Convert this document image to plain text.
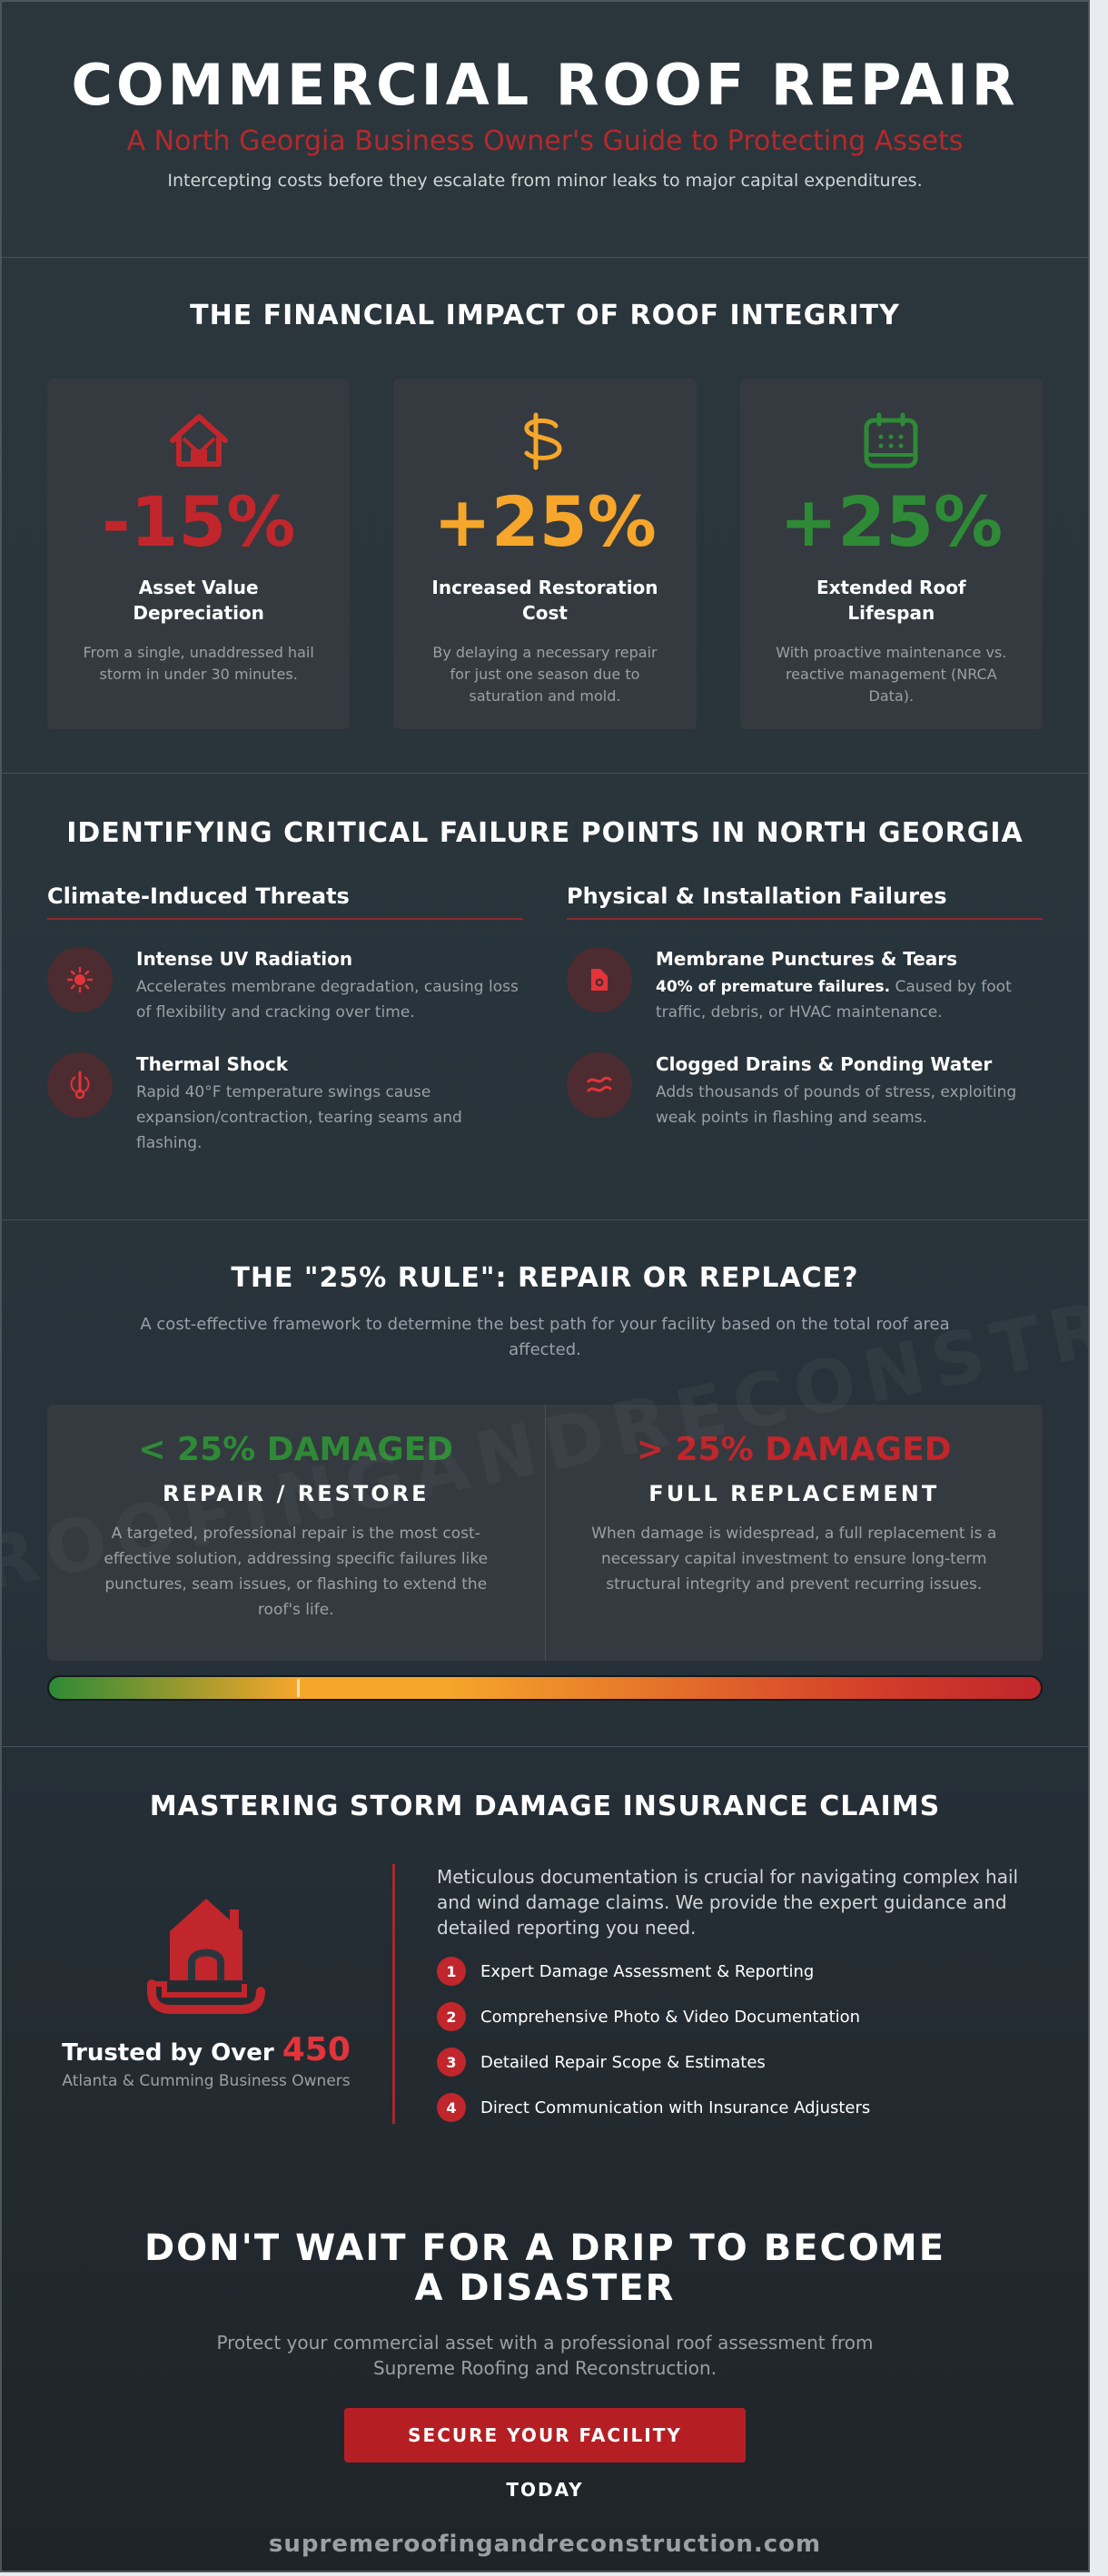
COMMERCIAL ROOF REPAIR
A North Georgia Business Owner's Guide to Protecting Assets
Intercepting costs before they escalate from minor leaks to major capital expenditures.
THE FINANCIAL IMPACT OF ROOF INTEGRITY
-15%
Asset Value Depreciation
From a single, unaddressed hail storm in under 30 minutes.
+25%
Increased Restoration Cost
By delaying a necessary repair for just one season due to saturation and mold.
+25%
Extended Roof Lifespan
With proactive maintenance vs. reactive management (NRCA Data).
IDENTIFYING CRITICAL FAILURE POINTS IN NORTH GEORGIA
Climate-Induced Threats
Intense UV Radiation
Accelerates membrane degradation, causing loss of flexibility and cracking over time.
Thermal Shock
Rapid 40°F temperature swings cause expansion/contraction, tearing seams and flashing.
Physical & Installation Failures
Membrane Punctures & Tears
40% of premature failures. Caused by foot traffic, debris, or HVAC maintenance.
Clogged Drains & Ponding Water
Adds thousands of pounds of stress, exploiting weak points in flashing and seams.
THE "25% RULE": REPAIR OR REPLACE?
A cost-effective framework to determine the best path for your facility based on the total roof area affected.
< 25% DAMAGED
REPAIR / RESTORE
A targeted, professional repair is the most cost-effective solution, addressing specific failures like punctures, seam issues, or flashing to extend the roof's life.
> 25% DAMAGED
FULL REPLACEMENT
When damage is widespread, a full replacement is a necessary capital investment to ensure long-term structural integrity and prevent recurring issues.
MASTERING STORM DAMAGE INSURANCE CLAIMS
Trusted by Over 450
Atlanta & Cumming Business Owners
Meticulous documentation is crucial for navigating complex hail and wind damage claims. We provide the expert guidance and detailed reporting you need.
1	Expert Damage Assessment & Reporting
2	Comprehensive Photo & Video Documentation
3	Detailed Repair Scope & Estimates
4	Direct Communication with Insurance Adjusters
DON'T WAIT FOR A DRIP TO BECOME A DISASTER
Protect your commercial asset with a professional roof assessment from Supreme Roofing and Reconstruction.
SECURE YOUR FACILITY TODAY
supremeroofingandreconstruction.com
